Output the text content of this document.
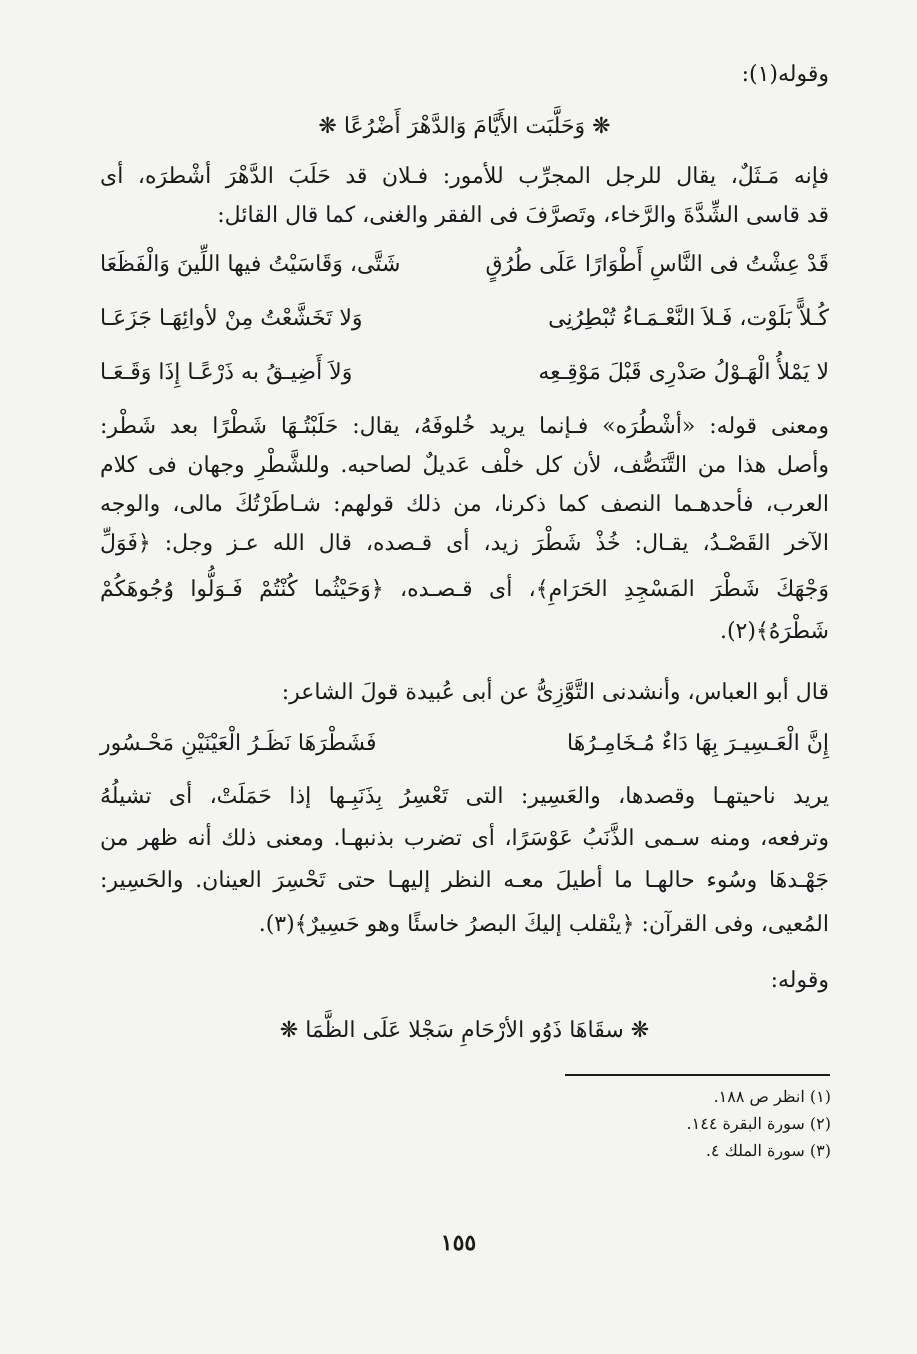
وقوله(١):
❋ وَحَلَّبَت الأَيَّامَ وَالدَّهْرَ أَضْرُعًا ❋
فإنه مَـثَلٌ، يقال للرجل المجرِّب للأمور: فـلان قد حَلَبَ الدَّهْرَ أشْطرَه، أى
قد قاسى الشِّدَّةَ والرَّخاء، وتَصرَّفَ فى الفقر والغنى، كما قال القائل:
قَدْ عِشْتُ فى النَّاسِ أَطْوَارًا عَلَى طُرُقٍ
شَتَّى، وَقَاسَيْتُ فيها اللِّينَ وَالْفَظَعَا
كُـلاًّ بَلَوْت، فَـلاَ النَّعْـمَـاءُ تُبْطِرُنِى
وَلا تَخَشَّعْتُ مِنْ لأوائِهَـا جَزَعَـا
لا يَمْلأُ الْهَـوْلُ صَدْرِى قَبْلَ مَوْقِـعِه
وَلاَ أَضِيـقُ به ذَرْعًـا إِذَا وَقَـعَـا
ومعنى قوله: «أشْطُرَه» فـإنما يريد خُلوفَهُ، يقال: حَلَبْتُـهَا شَطْرًا بعد شَطْر:
وأصل هذا من التَّنَصُّف، لأن كل خلْف عَديلٌ لصاحبه. وللشَّطْرِ وجهان فى كلام
العرب، فأحدهـما النصف كما ذكرنا، من ذلك قولهم: شـاطَرْتُكَ مالى، والوجه
الآخر القَصْـدُ، يقـال: خُذْ شَطْرَ زيد، أى قـصده، قال الله عـز وجل: ﴿فَوَلِّ
وَجْهَكَ شَطْرَ المَسْجِدِ الحَرَامِ﴾، أى قـصـده، ﴿وَحَيْثُما كُنْتُمْ فَـوَلُّوا وُجُوهَكُمْ
شَطْرَهُ﴾(٢).
قال أبو العباس، وأنشدنى التَّوَّزِىُّ عن أبى عُبيدة قولَ الشاعر:
إِنَّ الْعَـسِيـرَ بِهَا دَاءٌ مُـخَامِـرُهَا
فَشَطْرَهَا نَظَـرُ الْعَيْنَيْنِ مَحْـسُور
يريد ناحيتهـا وقصدها، والعَسِير: التى تَعْسِرُ بِذَنَبِـها إذا حَمَلَتْ، أى تشيلُهُ
وترفعه، ومنه سـمى الذَّنَبُ عَوْسَرًا، أى تضرب بذنبهـا. ومعنى ذلك أنه ظهر من
جَهْـدهَا وسُوء حالهـا ما أطيلَ معـه النظر إليهـا حتى تَحْسِرَ العينان. والحَسِير:
المُعيى، وفى القرآن: ﴿ينْقلب إليكَ البصرُ خاسئًا وهو حَسِيرٌ﴾(٣).
وقوله:
❋ سقَاهَا ذَوُو الأرْحَامِ سَجْلا عَلَى الظَّمَا ❋
(١) انظر ص ١٨٨.
(٢) سورة البقرة ١٤٤.
(٣) سورة الملك ٤.
١٥٥
